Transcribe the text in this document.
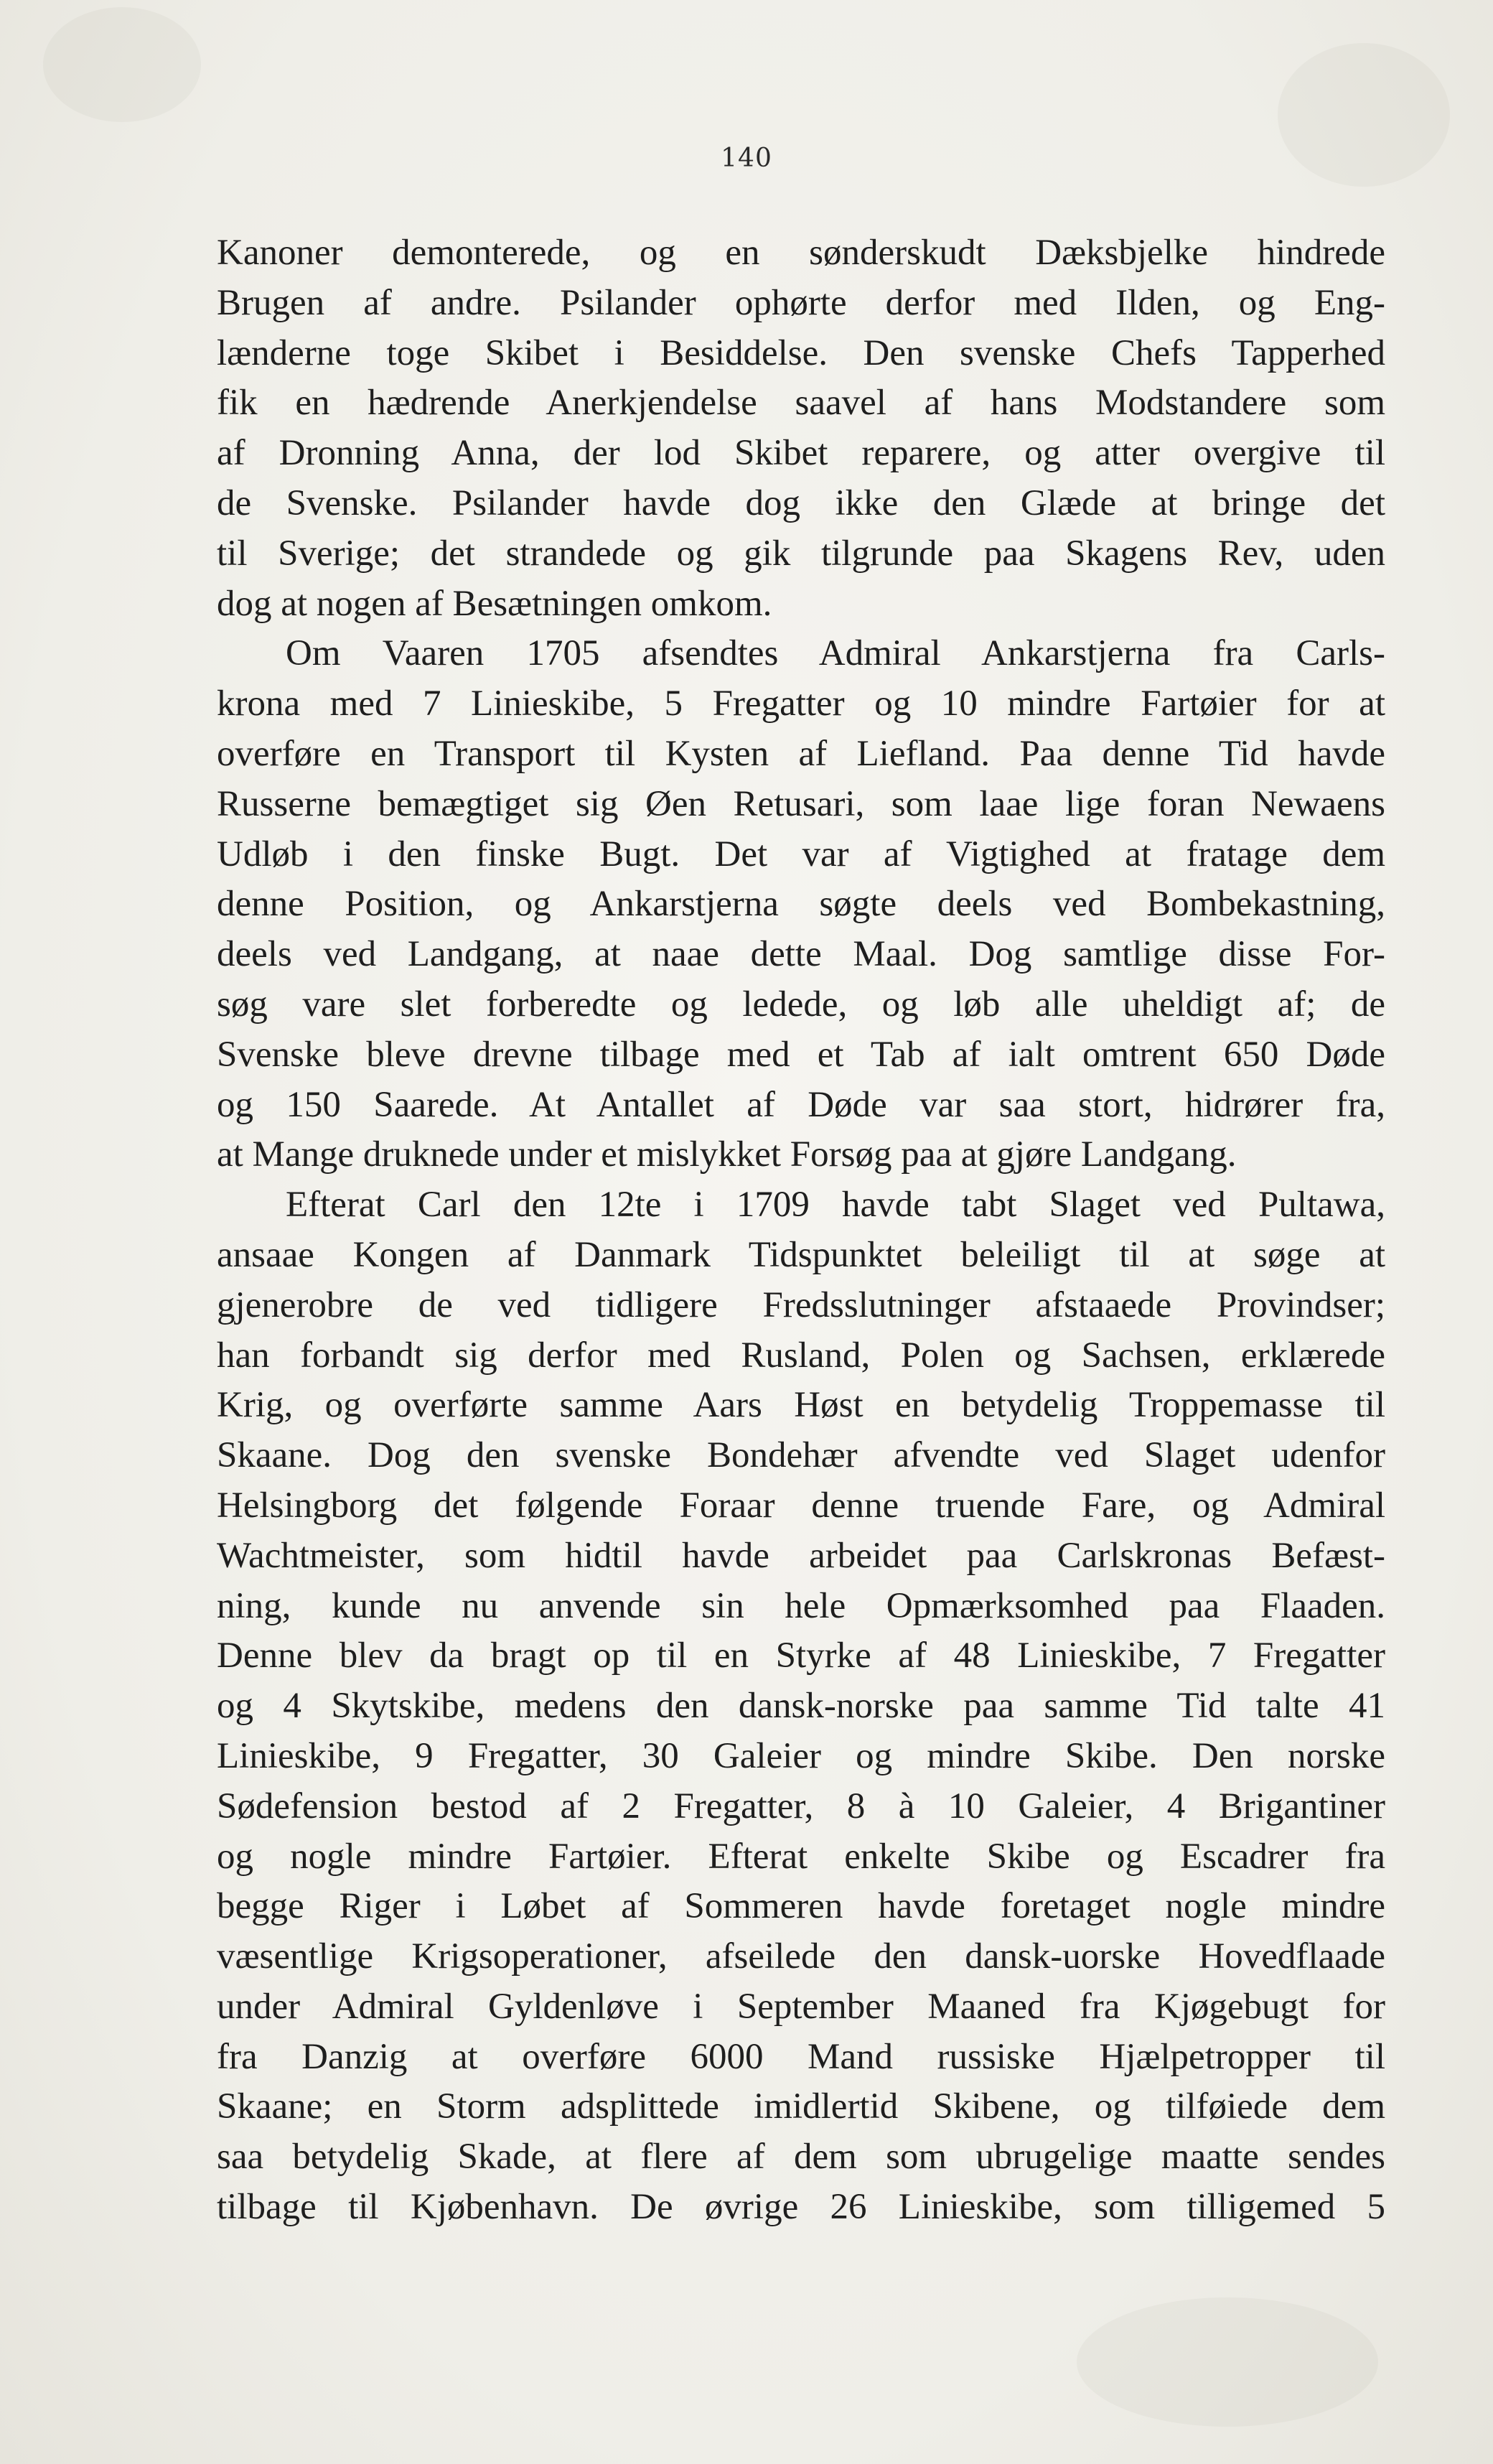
140
Kanoner demonterede, og en sønderskudt Dæksbjelke hindrede
Brugen af andre. Psilander ophørte derfor med Ilden, og Eng-
lænderne toge Skibet i Besiddelse. Den svenske Chefs Tapperhed
fik en hædrende Anerkjendelse saavel af hans Modstandere som
af Dronning Anna, der lod Skibet reparere, og atter overgive til
de Svenske. Psilander havde dog ikke den Glæde at bringe det
til Sverige; det strandede og gik tilgrunde paa Skagens Rev, uden
dog at nogen af Besætningen omkom.
Om Vaaren 1705 afsendtes Admiral Ankarstjerna fra Carls-
krona med 7 Linieskibe, 5 Fregatter og 10 mindre Fartøier for at
overføre en Transport til Kysten af Liefland. Paa denne Tid havde
Russerne bemægtiget sig Øen Retusari, som laae lige foran Newaens
Udløb i den finske Bugt. Det var af Vigtighed at fratage dem
denne Position, og Ankarstjerna søgte deels ved Bombekastning,
deels ved Landgang, at naae dette Maal. Dog samtlige disse For-
søg vare slet forberedte og ledede, og løb alle uheldigt af; de
Svenske bleve drevne tilbage med et Tab af ialt omtrent 650 Døde
og 150 Saarede. At Antallet af Døde var saa stort, hidrører fra,
at Mange druknede under et mislykket Forsøg paa at gjøre Landgang.
Efterat Carl den 12te i 1709 havde tabt Slaget ved Pultawa,
ansaae Kongen af Danmark Tidspunktet beleiligt til at søge at
gjenerobre de ved tidligere Fredsslutninger afstaaede Provindser;
han forbandt sig derfor med Rusland, Polen og Sachsen, erklærede
Krig, og overførte samme Aars Høst en betydelig Troppemasse til
Skaane. Dog den svenske Bondehær afvendte ved Slaget udenfor
Helsingborg det følgende Foraar denne truende Fare, og Admiral
Wachtmeister, som hidtil havde arbeidet paa Carlskronas Befæst-
ning, kunde nu anvende sin hele Opmærksomhed paa Flaaden.
Denne blev da bragt op til en Styrke af 48 Linieskibe, 7 Fregatter
og 4 Skytskibe, medens den dansk-norske paa samme Tid talte 41
Linieskibe, 9 Fregatter, 30 Galeier og mindre Skibe. Den norske
Sødefension bestod af 2 Fregatter, 8 à 10 Galeier, 4 Brigantiner
og nogle mindre Fartøier. Efterat enkelte Skibe og Escadrer fra
begge Riger i Løbet af Sommeren havde foretaget nogle mindre
væsentlige Krigsoperationer, afseilede den dansk-uorske Hovedflaade
under Admiral Gyldenløve i September Maaned fra Kjøgebugt for
fra Danzig at overføre 6000 Mand russiske Hjælpetropper til
Skaane; en Storm adsplittede imidlertid Skibene, og tilføiede dem
saa betydelig Skade, at flere af dem som ubrugelige maatte sendes
tilbage til Kjøbenhavn. De øvrige 26 Linieskibe, som tilligemed 5
